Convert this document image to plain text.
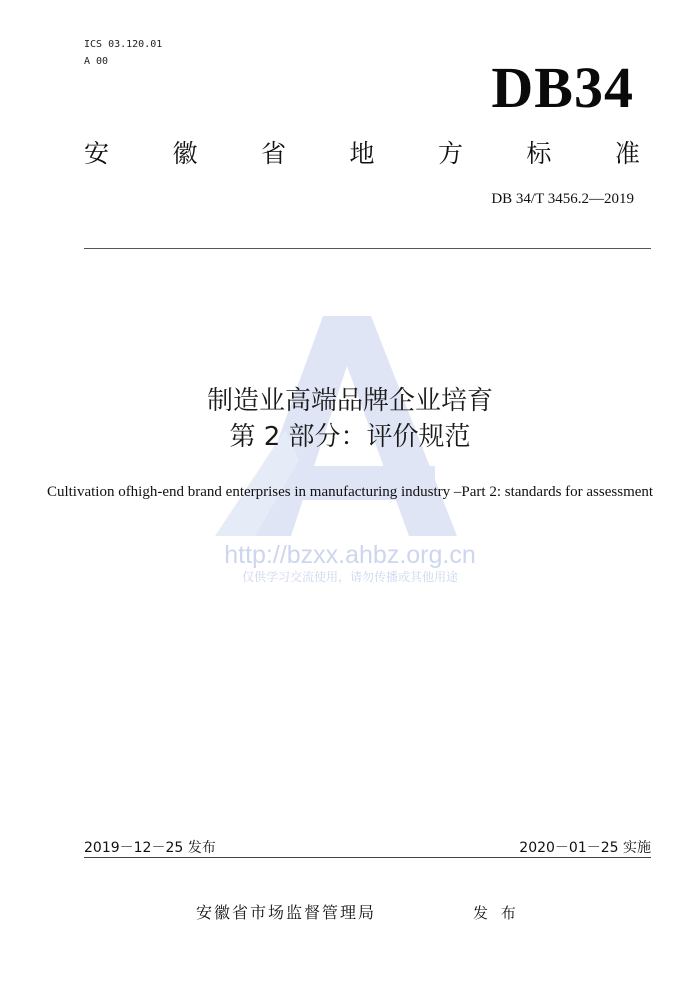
ICS 03.120.01
A 00	DB34
安	徽	省	地	方	标	准
DB 34/T 3456.2—2019
http://bzxx.ahbz.org.cn
仅供学习交流使用，请勿传播或其他用途
制造业高端品牌企业培育
第 2 部分：评价规范
Cultivation ofhigh-end brand enterprises in manufacturing industry –Part 2: standards for assessment
2019－12－25 发布	2020－01－25 实施
安徽省市场监督管理局	发 布
